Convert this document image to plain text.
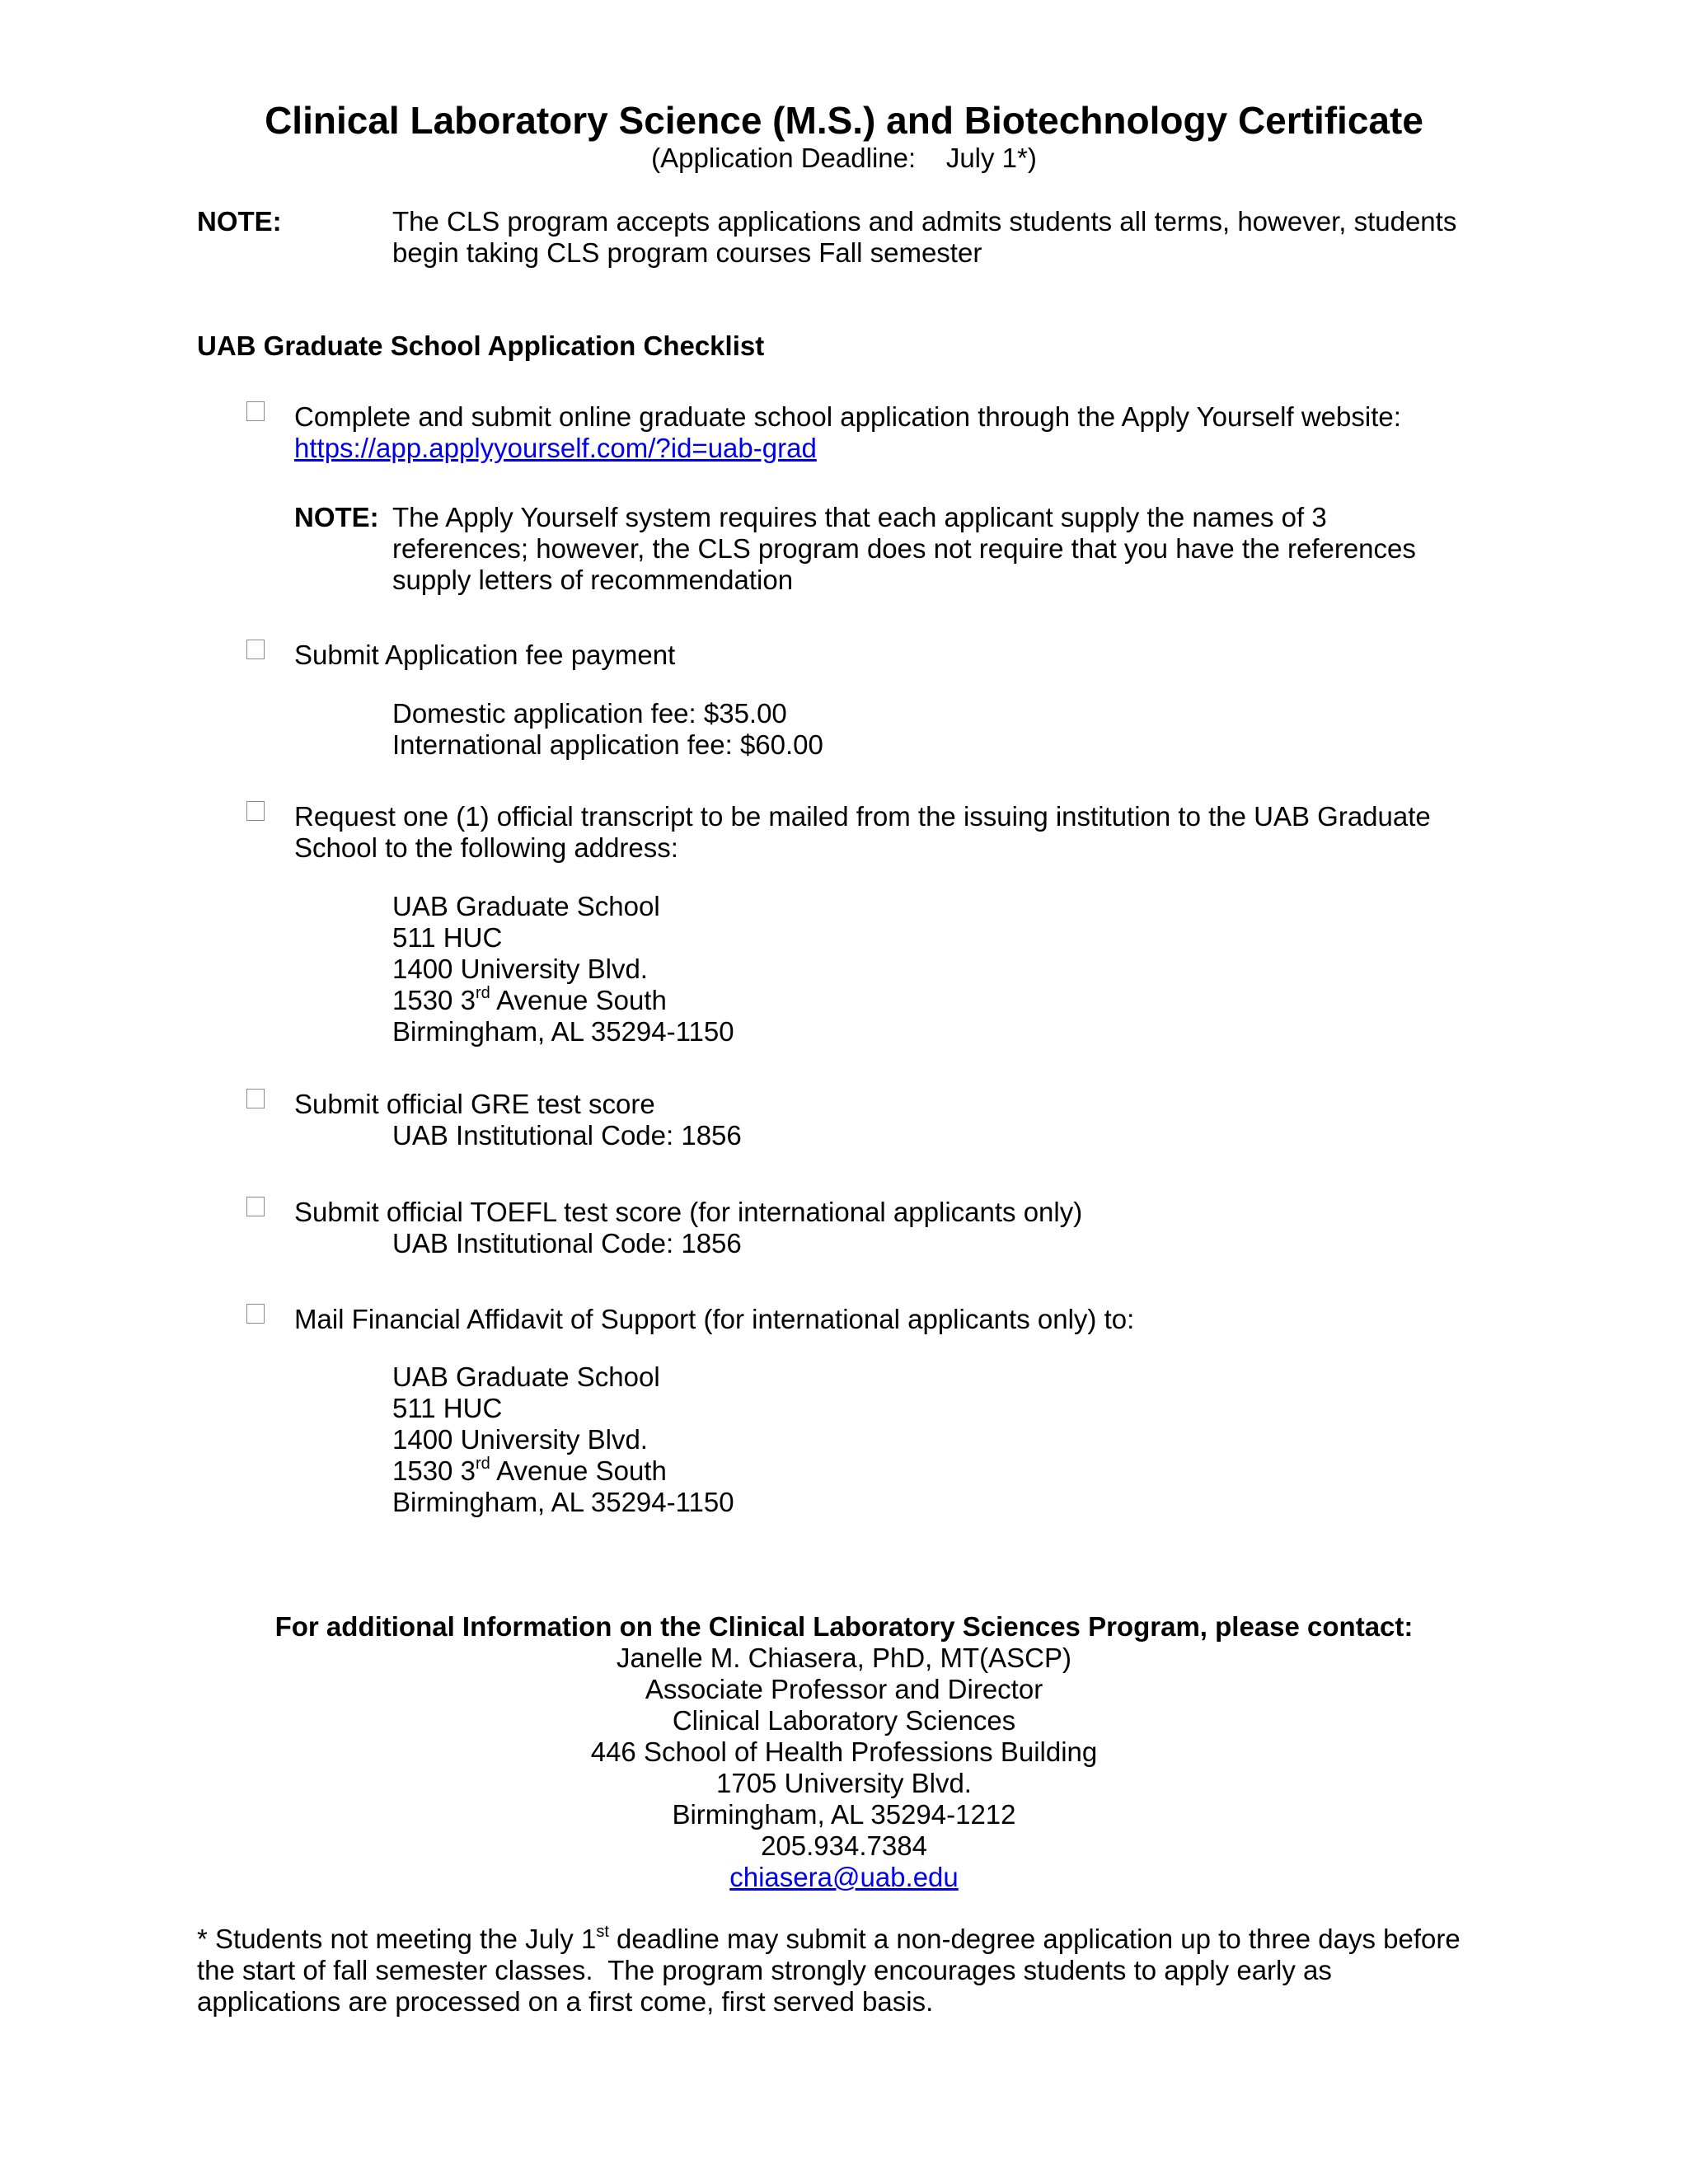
Clinical Laboratory Science (M.S.) and Biotechnology Certificate
(Application Deadline:    July 1*)
NOTE:	The CLS program accepts applications and admits students all terms, however, students
begin taking CLS program courses Fall semester
UAB Graduate School Application Checklist
Complete and submit online graduate school application through the Apply Yourself website:
https://app.applyyourself.com/?id=uab-grad
NOTE: The Apply Yourself system requires that each applicant supply the names of 3
references; however, the CLS program does not require that you have the references
supply letters of recommendation
Submit Application fee payment
Domestic application fee: $35.00
International application fee: $60.00
Request one (1) official transcript to be mailed from the issuing institution to the UAB Graduate
School to the following address:
UAB Graduate School
511 HUC
1400 University Blvd.
1530 3rd Avenue South
Birmingham, AL 35294-1150
Submit official GRE test score
UAB Institutional Code: 1856
Submit official TOEFL test score (for international applicants only)
UAB Institutional Code: 1856
Mail Financial Affidavit of Support (for international applicants only) to:
UAB Graduate School
511 HUC
1400 University Blvd.
1530 3rd Avenue South
Birmingham, AL 35294-1150
For additional Information on the Clinical Laboratory Sciences Program, please contact:
Janelle M. Chiasera, PhD, MT(ASCP)
Associate Professor and Director
Clinical Laboratory Sciences
446 School of Health Professions Building
1705 University Blvd.
Birmingham, AL 35294-1212
205.934.7384
chiasera@uab.edu
* Students not meeting the July 1st deadline may submit a non-degree application up to three days before
the start of fall semester classes.  The program strongly encourages students to apply early as
applications are processed on a first come, first served basis.
